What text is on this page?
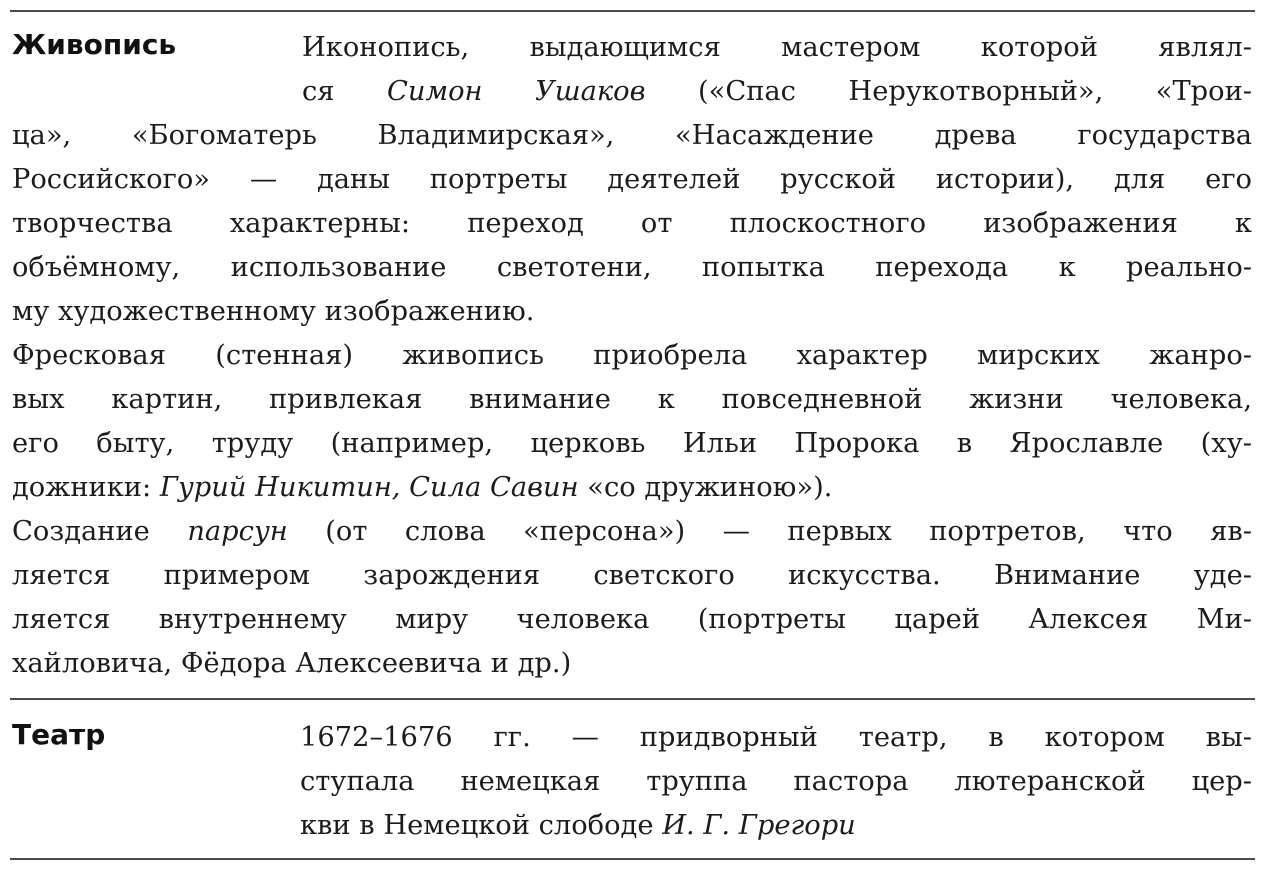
Живопись	Иконопись, выдающимся мастером которой являл-
ся Симон Ушаков («Спас Нерукотворный», «Трои-
ца», «Богоматерь Владимирская», «Насаждение древа государства
Российского» — даны портреты деятелей русской истории), для его
творчества характерны: переход от плоскостного изображения к
объёмному, использование светотени, попытка перехода к реально-
му художественному изображению.
Фресковая (стенная) живопись приобрела характер мирских жанро-
вых картин, привлекая внимание к повседневной жизни человека,
его быту, труду (например, церковь Ильи Пророка в Ярославле (ху-
дожники: Гурий Никитин, Сила Савин «со дружиною»).
Создание парсун (от слова «персона») — первых портретов, что яв-
ляется примером зарождения светского искусства. Внимание уде-
ляется внутреннему миру человека (портреты царей Алексея Ми-
хайловича, Фёдора Алексеевича и др.)
Театр	1672–1676 гг. — придворный театр, в котором вы-
ступала немецкая труппа пастора лютеранской цер-
кви в Немецкой слободе И. Г. Грегори
